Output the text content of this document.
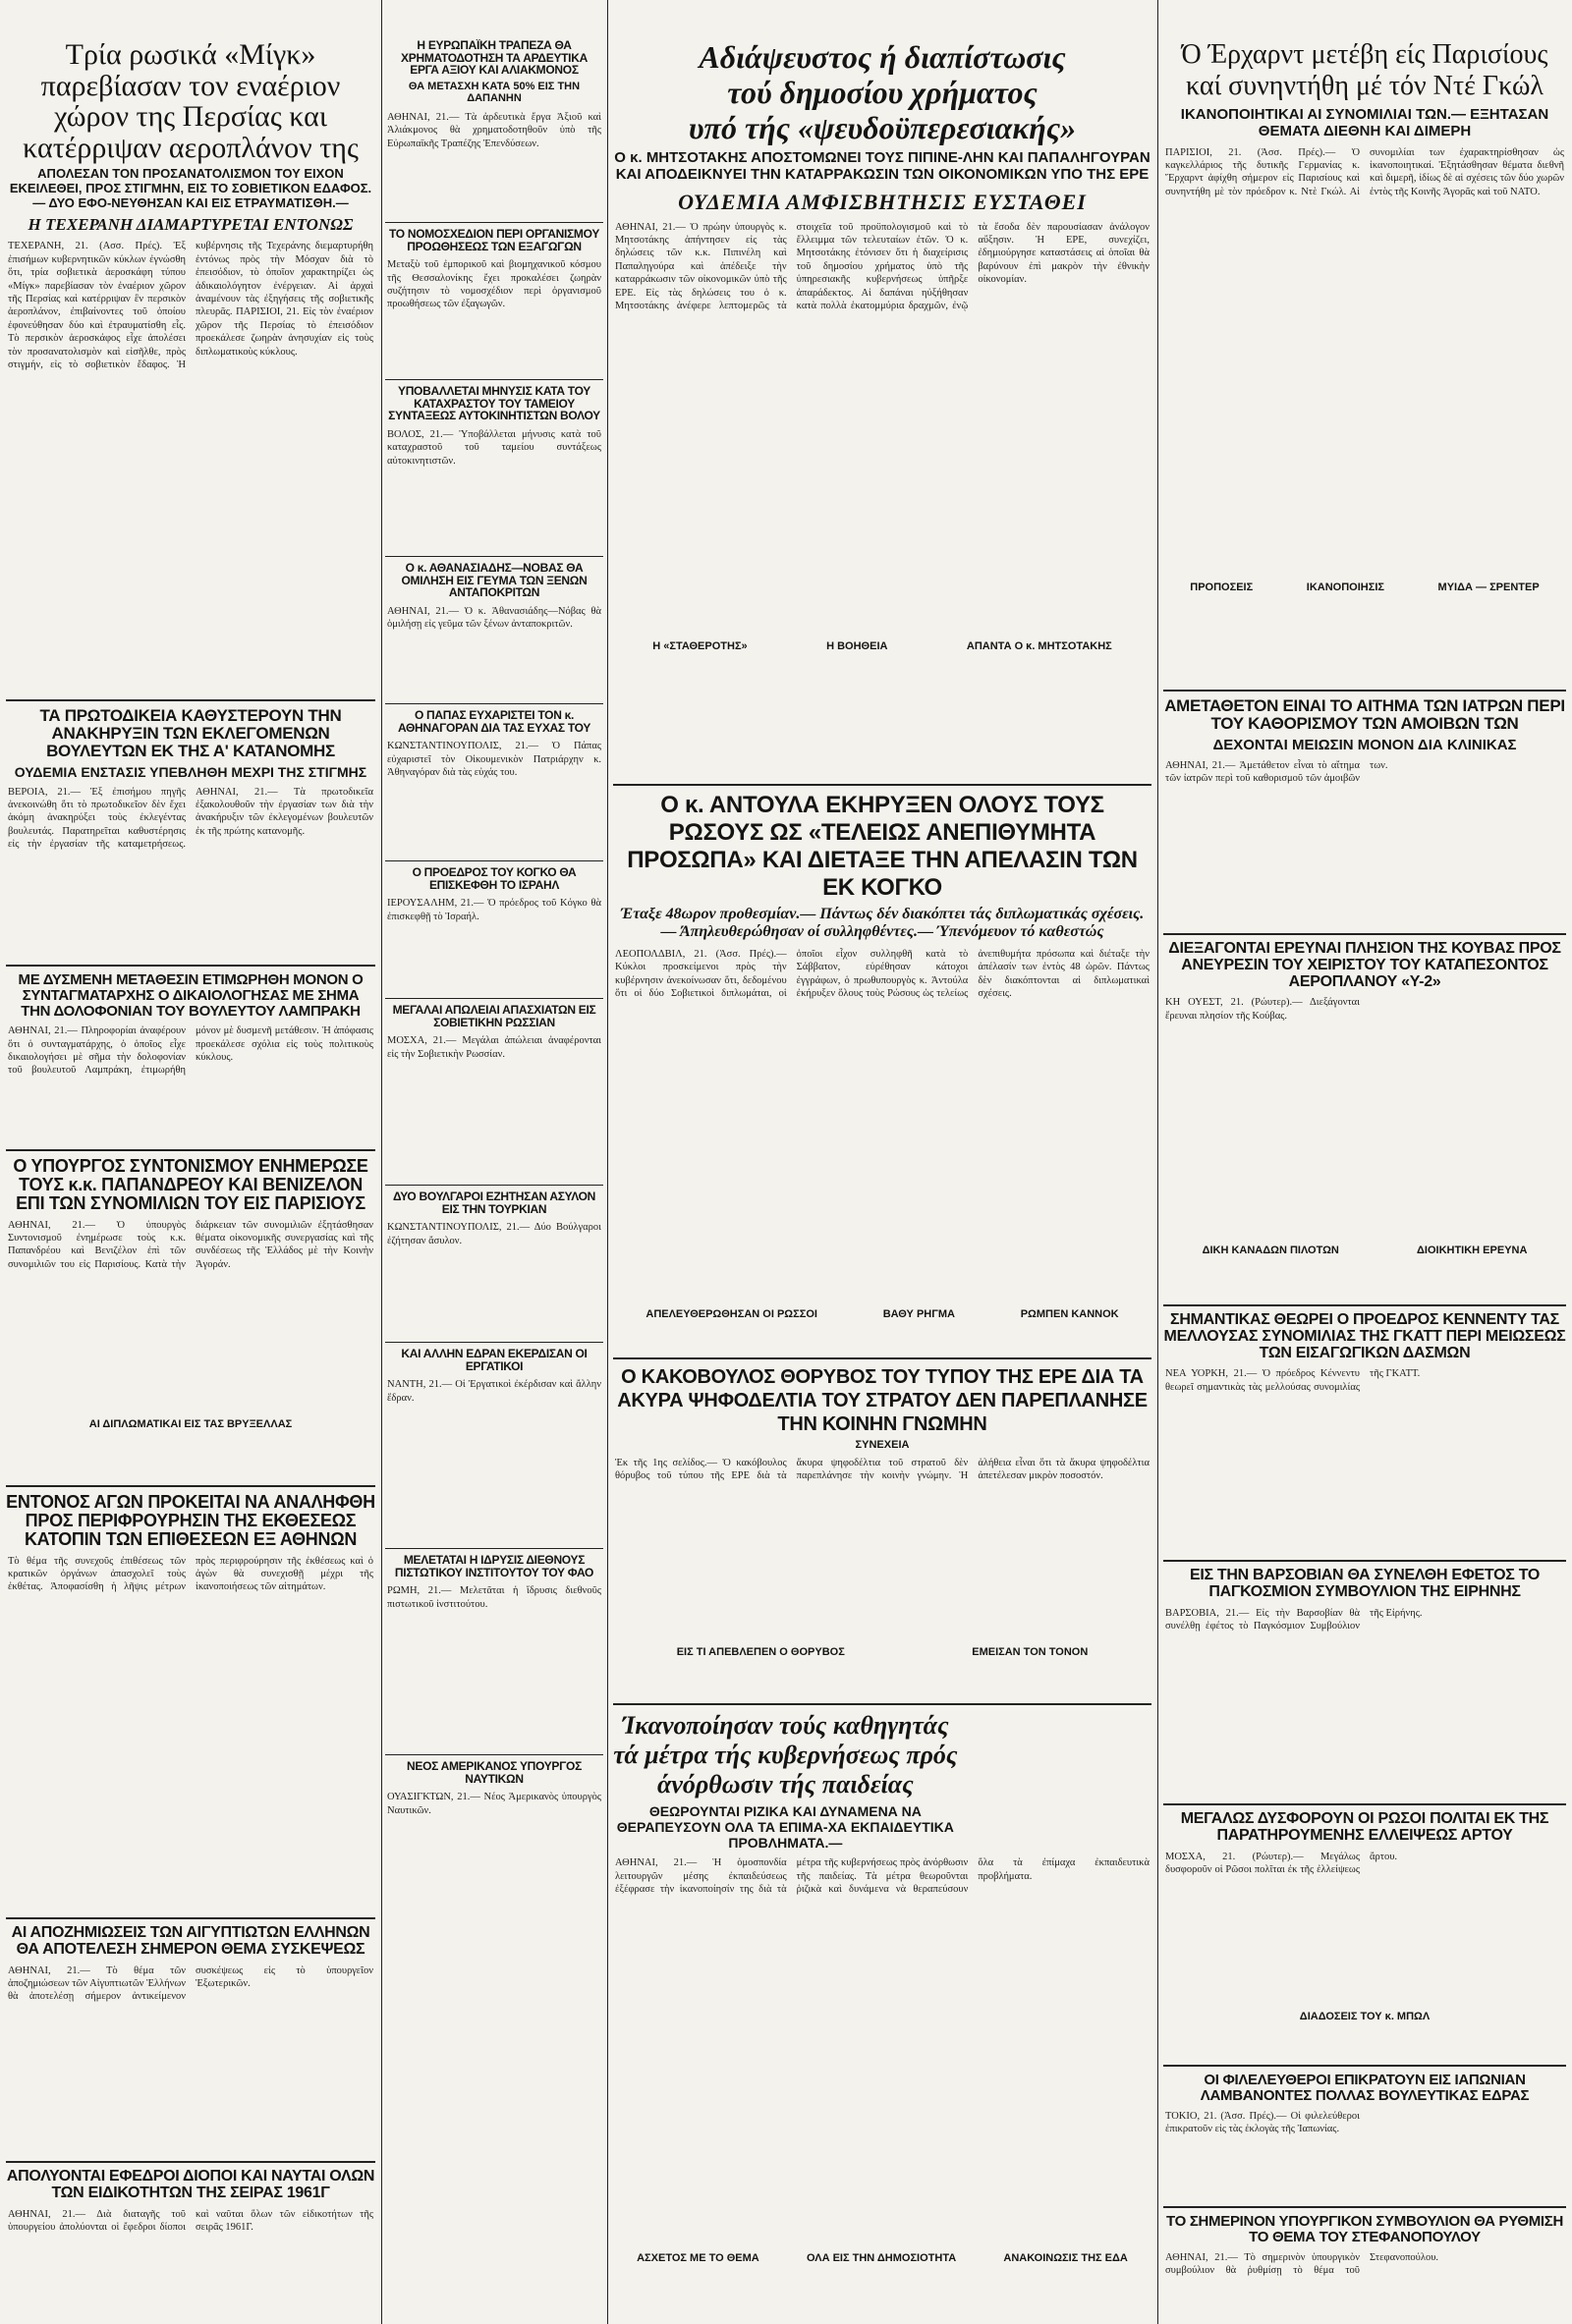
Τρία ρωσικά «Μίγκ» παρεβίασαν τον εναέριον χώρον της Περσίας και κατέρριψαν αεροπλάνον της

ΑΠΟΛΕΣΑΝ ΤΟΝ ΠΡΟΣΑΝΑΤΟΛΙΣΜΟΝ ΤΟΥ ΕΙΧΟΝ ΕΚΕΙΛΕΘΕΙ, ΠΡΟΣ ΣΤΙΓΜΗΝ, ΕΙΣ ΤΟ ΣΟΒΙΕΤΙΚΟΝ ΕΔΑΦΟΣ.— ΔΥΟ ΕΦΟ-ΝΕΥΘΗΣΑΝ ΚΑΙ ΕΙΣ ΕΤΡΑΥΜΑΤΙΣΘΗ.—

Η ΤΕΧΕΡΑΝΗ ΔΙΑΜΑΡΤΥΡΕΤΑΙ ΕΝΤΟΝΩΣ

ΤΕΧΕΡΑΝΗ, 21. (Ασσ. Πρές). Ἐξ ἐπισήμων κυβερνητικῶν κύκλων ἐγνώσθη ὅτι, τρία σοβιετικὰ ἀεροσκάφη τύπου «Μίγκ» παρεβίασαν τὸν ἐναέριον χῶρον τῆς Περσίας καὶ κατέρριψαν ἓν περσικὸν ἀεροπλάνον, ἐπιβαίνοντες τοῦ ὁποίου ἐφονεύθησαν δύο καὶ ἐτραυματίσθη εἷς. Τὸ περσικὸν ἀεροσκάφος εἶχε ἀπολέσει τὸν προσανατολισμὸν καὶ εἰσῆλθε, πρὸς στιγμήν, εἰς τὸ σοβιετικὸν ἔδαφος. Ἡ κυβέρνησις τῆς Τεχεράνης διεμαρτυρήθη ἐντόνως πρὸς τὴν Μόσχαν διὰ τὸ ἐπεισόδιον, τὸ ὁποῖον χαρακτηρίζει ὡς ἀδικαιολόγητον ἐνέργειαν. Αἱ ἀρχαὶ ἀναμένουν τὰς ἐξηγήσεις τῆς σοβιετικῆς πλευρᾶς. ΠΑΡΙΣΙΟΙ, 21. Εἰς τὸν ἐναέριον χῶρον τῆς Περσίας τὸ ἐπεισόδιον προεκάλεσε ζωηρὰν ἀνησυχίαν εἰς τοὺς διπλωματικοὺς κύκλους.
ΤΑ ΠΡΩΤΟΔΙΚΕΙΑ ΚΑΘΥΣΤΕΡΟΥΝ ΤΗΝ ΑΝΑΚΗΡΥΞΙΝ ΤΩΝ ΕΚΛΕΓΟΜΕΝΩΝ ΒΟΥΛΕΥΤΩΝ ΕΚ ΤΗΣ Α' ΚΑΤΑΝΟΜΗΣ

ΟΥΔΕΜΙΑ ΕΝΣΤΑΣΙΣ ΥΠΕΒΛΗΘΗ ΜΕΧΡΙ ΤΗΣ ΣΤΙΓΜΗΣ

ΒΕΡΟΙΑ, 21.— Ἐξ ἐπισήμου πηγῆς ἀνεκοινώθη ὅτι τὸ πρωτοδικεῖον δὲν ἔχει ἀκόμη ἀνακηρύξει τοὺς ἐκλεγέντας βουλευτάς. Παρατηρεῖται καθυστέρησις εἰς τὴν ἐργασίαν τῆς καταμετρήσεως. ΑΘΗΝΑΙ, 21.— Τὰ πρωτοδικεῖα ἐξακολουθοῦν τὴν ἐργασίαν των διὰ τὴν ἀνακήρυξιν τῶν ἐκλεγομένων βουλευτῶν ἐκ τῆς πρώτης κατανομῆς.
ΜΕ ΔΥΣΜΕΝΗ ΜΕΤΑΘΕΣΙΝ ΕΤΙΜΩΡΗΘΗ ΜΟΝΟΝ Ο ΣΥΝΤΑΓΜΑΤΑΡΧΗΣ Ο ΔΙΚΑΙΟΛΟΓΗΣΑΣ ΜΕ ΣΗΜΑ ΤΗΝ ΔΟΛΟΦΟΝΙΑΝ ΤΟΥ ΒΟΥΛΕΥΤΟΥ ΛΑΜΠΡΑΚΗ
ΑΘΗΝΑΙ, 21.— Πληροφορίαι ἀναφέρουν ὅτι ὁ συνταγματάρχης, ὁ ὁποῖος εἶχε δικαιολογήσει μὲ σῆμα τὴν δολοφονίαν τοῦ βουλευτοῦ Λαμπράκη, ἐτιμωρήθη μόνον μὲ δυσμενῆ μετάθεσιν. Ἡ ἀπόφασις προεκάλεσε σχόλια εἰς τοὺς πολιτικοὺς κύκλους.
Ο ΥΠΟΥΡΓΟΣ ΣΥΝΤΟΝΙΣΜΟΥ ΕΝΗΜΕΡΩΣΕ ΤΟΥΣ κ.κ. ΠΑΠΑΝΔΡΕΟΥ ΚΑΙ ΒΕΝΙΖΕΛΟΝ ΕΠΙ ΤΩΝ ΣΥΝΟΜΙΛΙΩΝ ΤΟΥ ΕΙΣ ΠΑΡΙΣΙΟΥΣ
ΑΘΗΝΑΙ, 21.— Ὁ ὑπουργὸς Συντονισμοῦ ἐνημέρωσε τοὺς κ.κ. Παπανδρέου καὶ Βενιζέλον ἐπὶ τῶν συνομιλιῶν του εἰς Παρισίους. Κατὰ τὴν διάρκειαν τῶν συνομιλιῶν ἐξητάσθησαν θέματα οἰκονομικῆς συνεργασίας καὶ τῆς συνδέσεως τῆς Ἑλλάδος μὲ τὴν Κοινὴν Ἀγοράν.

ΑΙ ΔΙΠΛΩΜΑΤΙΚΑΙ ΕΙΣ ΤΑΣ ΒΡΥΞΕΛΛΑΣ

ΕΝΤΟΝΟΣ ΑΓΩΝ ΠΡΟΚΕΙΤΑΙ ΝΑ ΑΝΑΛΗΦΘΗ ΠΡΟΣ ΠΕΡΙΦΡΟΥΡΗΣΙΝ ΤΗΣ ΕΚΘΕΣΕΩΣ ΚΑΤΟΠΙΝ ΤΩΝ ΕΠΙΘΕΣΕΩΝ ΕΞ ΑΘΗΝΩΝ
Τὸ θέμα τῆς συνεχοῦς ἐπιθέσεως τῶν κρατικῶν ὀργάνων ἀπασχολεῖ τοὺς ἐκθέτας. Ἀποφασίσθη ἡ λῆψις μέτρων πρὸς περιφρούρησιν τῆς ἐκθέσεως καὶ ὁ ἀγὼν θὰ συνεχισθῇ μέχρι τῆς ἱκανοποιήσεως τῶν αἰτημάτων.
ΑΙ ΑΠΟΖΗΜΙΩΣΕΙΣ ΤΩΝ ΑΙΓΥΠΤΙΩΤΩΝ ΕΛΛΗΝΩΝ ΘΑ ΑΠΟΤΕΛΕΣΗ ΣΗΜΕΡΟΝ ΘΕΜΑ ΣΥΣΚΕΨΕΩΣ
ΑΘΗΝΑΙ, 21.— Τὸ θέμα τῶν ἀποζημιώσεων τῶν Αἰγυπτιωτῶν Ἑλλήνων θὰ ἀποτελέσῃ σήμερον ἀντικείμενον συσκέψεως εἰς τὸ ὑπουργεῖον Ἐξωτερικῶν.
ΑΠΟΛΥΟΝΤΑΙ ΕΦΕΔΡΟΙ ΔΙΟΠΟΙ ΚΑΙ ΝΑΥΤΑΙ ΟΛΩΝ ΤΩΝ ΕΙΔΙΚΟΤΗΤΩΝ ΤΗΣ ΣΕΙΡΑΣ 1961Γ
ΑΘΗΝΑΙ, 21.— Διὰ διαταγῆς τοῦ ὑπουργείου ἀπολύονται οἱ ἔφεδροι δίοποι καὶ ναῦται ὅλων τῶν εἰδικοτήτων τῆς σειρᾶς 1961Γ.
Η ΕΥΡΩΠΑΪΚΗ ΤΡΑΠΕΖΑ ΘΑ ΧΡΗΜΑΤΟΔΟΤΗΣΗ ΤΑ ΑΡΔΕΥΤΙΚΑ ΕΡΓΑ ΑΞΙΟΥ ΚΑΙ ΑΛΙΑΚΜΟΝΟΣ

ΘΑ ΜΕΤΑΣΧΗ ΚΑΤΑ 50% ΕΙΣ ΤΗΝ ΔΑΠΑΝΗΝ

ΑΘΗΝΑΙ, 21.— Τὰ ἀρδευτικὰ ἔργα Ἀξιοῦ καὶ Ἀλιάκμονος θὰ χρηματοδοτηθοῦν ὑπὸ τῆς Εὐρωπαϊκῆς Τραπέζης Ἐπενδύσεων.
ΤΟ ΝΟΜΟΣΧΕΔΙΟΝ ΠΕΡΙ ΟΡΓΑΝΙΣΜΟΥ ΠΡΟΩΘΗΣΕΩΣ ΤΩΝ ΕΞΑΓΩΓΩΝ
Μεταξὺ τοῦ ἐμπορικοῦ καὶ βιομηχανικοῦ κόσμου τῆς Θεσσαλονίκης ἔχει προκαλέσει ζωηρὰν συζήτησιν τὸ νομοσχέδιον περὶ ὀργανισμοῦ προωθήσεως τῶν ἐξαγωγῶν.
ΥΠΟΒΑΛΛΕΤΑΙ ΜΗΝΥΣΙΣ ΚΑΤΑ ΤΟΥ ΚΑΤΑΧΡΑΣΤΟΥ ΤΟΥ ΤΑΜΕΙΟΥ ΣΥΝΤΑΞΕΩΣ ΑΥΤΟΚΙΝΗΤΙΣΤΩΝ ΒΟΛΟΥ
ΒΟΛΟΣ, 21.— Ὑποβάλλεται μήνυσις κατὰ τοῦ καταχραστοῦ τοῦ ταμείου συντάξεως αὐτοκινητιστῶν.
Ο κ. ΑΘΑΝΑΣΙΑΔΗΣ—ΝΟΒΑΣ ΘΑ ΟΜΙΛΗΣΗ ΕΙΣ ΓΕΥΜΑ ΤΩΝ ΞΕΝΩΝ ΑΝΤΑΠΟΚΡΙΤΩΝ
ΑΘΗΝΑΙ, 21.— Ὁ κ. Ἀθανασιάδης—Νόβας θὰ ὁμιλήσῃ εἰς γεῦμα τῶν ξένων ἀνταποκριτῶν.
Ο ΠΑΠΑΣ ΕΥΧΑΡΙΣΤΕΙ ΤΟΝ κ. ΑΘΗΝΑΓΟΡΑΝ ΔΙΑ ΤΑΣ ΕΥΧΑΣ ΤΟΥ
ΚΩΝΣΤΑΝΤΙΝΟΥΠΟΛΙΣ, 21.— Ὁ Πάπας εὐχαριστεῖ τὸν Οἰκουμενικὸν Πατριάρχην κ. Ἀθηναγόραν διὰ τὰς εὐχάς του.
Ο ΠΡΟΕΔΡΟΣ ΤΟΥ ΚΟΓΚΟ ΘΑ ΕΠΙΣΚΕΦΘΗ ΤΟ ΙΣΡΑΗΛ
ΙΕΡΟΥΣΑΛΗΜ, 21.— Ὁ πρόεδρος τοῦ Κόγκο θὰ ἐπισκεφθῇ τὸ Ἰσραήλ.
ΜΕΓΑΛΑΙ ΑΠΩΛΕΙΑΙ ΑΠΑΣΧΙΑΤΩΝ ΕΙΣ ΣΟΒΙΕΤΙΚΗΝ ΡΩΣΣΙΑΝ
ΜΟΣΧΑ, 21.— Μεγάλαι ἀπώλειαι ἀναφέρονται εἰς τὴν Σοβιετικὴν Ρωσσίαν.
ΔΥΟ ΒΟΥΛΓΑΡΟΙ ΕΖΗΤΗΣΑΝ ΑΣΥΛΟΝ ΕΙΣ ΤΗΝ ΤΟΥΡΚΙΑΝ
ΚΩΝΣΤΑΝΤΙΝΟΥΠΟΛΙΣ, 21.— Δύο Βούλγαροι ἐζήτησαν ἄσυλον.
ΚΑΙ ΑΛΛΗΝ ΕΔΡΑΝ ΕΚΕΡΔΙΣΑΝ ΟΙ ΕΡΓΑΤΙΚΟΙ
ΝΑΝΤΗ, 21.— Οἱ Ἐργατικοὶ ἐκέρδισαν καὶ ἄλλην ἕδραν.
ΜΕΛΕΤΑΤΑΙ Η ΙΔΡΥΣΙΣ ΔΙΕΘΝΟΥΣ ΠΙΣΤΩΤΙΚΟΥ ΙΝΣΤΙΤΟΥΤΟΥ ΤΟΥ ΦΑΟ
ΡΩΜΗ, 21.— Μελετᾶται ἡ ἵδρυσις διεθνοῦς πιστωτικοῦ ἰνστιτούτου.
ΝΕΟΣ ΑΜΕΡΙΚΑΝΟΣ ΥΠΟΥΡΓΟΣ ΝΑΥΤΙΚΩΝ
ΟΥΑΣΙΓΚΤΩΝ, 21.— Νέος Ἀμερικανὸς ὑπουργὸς Ναυτικῶν.
Αδιάψευστος ή διαπίστωσις
τού δημοσίου χρήματος
υπό τής «ψευδοϋπερεσιακής»

Ο κ. ΜΗΤΣΟΤΑΚΗΣ ΑΠΟΣΤΟΜΩΝΕΙ ΤΟΥΣ ΠΙΠΙΝΕ-ΛΗΝ ΚΑΙ ΠΑΠΑΛΗΓΟΥΡΑΝ ΚΑΙ ΑΠΟΔΕΙΚΝΥΕΙ ΤΗΝ ΚΑΤΑΡΡΑΚΩΣΙΝ ΤΩΝ ΟΙΚΟΝΟΜΙΚΩΝ ΥΠΟ ΤΗΣ ΕΡΕ

ΟΥΔΕΜΙΑ ΑΜΦΙΣΒΗΤΗΣΙΣ ΕΥΣΤΑΘΕΙ
ΑΘΗΝΑΙ, 21.— Ὁ πρώην ὑπουργὸς κ. Μητσοτάκης ἀπήντησεν εἰς τὰς δηλώσεις τῶν κ.κ. Πιπινέλη καὶ Παπαληγούρα καὶ ἀπέδειξε τὴν καταρράκωσιν τῶν οἰκονομικῶν ὑπὸ τῆς ΕΡΕ. Εἰς τὰς δηλώσεις του ὁ κ. Μητσοτάκης ἀνέφερε λεπτομερῶς τὰ στοιχεῖα τοῦ προϋπολογισμοῦ καὶ τὸ ἔλλειμμα τῶν τελευταίων ἐτῶν. Ὁ κ. Μητσοτάκης ἐτόνισεν ὅτι ἡ διαχείρισις τοῦ δημοσίου χρήματος ὑπὸ τῆς ὑπηρεσιακῆς κυβερνήσεως ὑπῆρξε ἀπαράδεκτος. Αἱ δαπάναι ηὐξήθησαν κατὰ πολλὰ ἑκατομμύρια δραχμῶν, ἐνῷ τὰ ἔσοδα δὲν παρουσίασαν ἀνάλογον αὔξησιν. Ἡ ΕΡΕ, συνεχίζει, ἐδημιούργησε καταστάσεις αἱ ὁποῖαι θὰ βαρύνουν ἐπὶ μακρὸν τὴν ἐθνικὴν οἰκονομίαν.
Η «ΣΤΑΘΕΡΟΤΗΣ»	Η ΒΟΗΘΕΙΑ	ΑΠΑΝΤΑ Ο κ. ΜΗΤΣΟΤΑΚΗΣ
Ο κ. ΑΝΤΟΥΛΑ ΕΚΗΡΥΞΕΝ ΟΛΟΥΣ ΤΟΥΣ ΡΩΣΟΥΣ ΩΣ «ΤΕΛΕΙΩΣ ΑΝΕΠΙΘΥΜΗΤΑ ΠΡΟΣΩΠΑ» ΚΑΙ ΔΙΕΤΑΞΕ ΤΗΝ ΑΠΕΛΑΣΙΝ ΤΩΝ ΕΚ ΚΟΓΚΟ

Έταξε 48ωρον προθεσμίαν.— Πάντως δέν διακόπτει τάς διπλωματικάς σχέσεις.— Άπηλευθερώθησαν οί συλληφθέντες.— Ύπενόμευον τό καθεστώς

ΛΕΟΠΟΛΔΒΙΛ, 21. (Ἀσσ. Πρές).— Κύκλοι προσκείμενοι πρὸς τὴν κυβέρνησιν ἀνεκοίνωσαν ὅτι, δεδομένου ὅτι οἱ δύο Σοβιετικοὶ διπλωμάται, οἱ ὁποῖοι εἶχον συλληφθῆ κατὰ τὸ Σάββατον, εὑρέθησαν κάτοχοι ἐγγράφων, ὁ πρωθυπουργὸς κ. Ἀντούλα ἐκήρυξεν ὅλους τοὺς Ρώσους ὡς τελείως ἀνεπιθυμήτα πρόσωπα καὶ διέταξε τὴν ἀπέλασίν των ἐντὸς 48 ὡρῶν. Πάντως δὲν διακόπτονται αἱ διπλωματικαὶ σχέσεις.
ΑΠΕΛΕΥΘΕΡΩΘΗΣΑΝ ΟΙ ΡΩΣΣΟΙ	ΒΑΘΥ ΡΗΓΜΑ	ΡΩΜΠΕΝ ΚΑΝΝΟΚ
Ο ΚΑΚΟΒΟΥΛΟΣ ΘΟΡΥΒΟΣ ΤΟΥ ΤΥΠΟΥ ΤΗΣ ΕΡΕ ΔΙΑ ΤΑ ΑΚΥΡΑ ΨΗΦΟΔΕΛΤΙΑ ΤΟΥ ΣΤΡΑΤΟΥ ΔΕΝ ΠΑΡΕΠΛΑΝΗΣΕ ΤΗΝ ΚΟΙΝΗΝ ΓΝΩΜΗΝ

ΣΥΝΕΧΕΙΑ

Ἐκ τῆς 1ης σελίδος.— Ὁ κακόβουλος θόρυβος τοῦ τύπου τῆς ΕΡΕ διὰ τὰ ἄκυρα ψηφοδέλτια τοῦ στρατοῦ δὲν παρεπλάνησε τὴν κοινὴν γνώμην. Ἡ ἀλήθεια εἶναι ὅτι τὰ ἄκυρα ψηφοδέλτια ἀπετέλεσαν μικρὸν ποσοστόν.
ΕΙΣ ΤΙ ΑΠΕΒΛΕΠΕΝ Ο ΘΟΡΥΒΟΣ	ΕΜΕΙΣΑΝ ΤΟΝ ΤΟΝΟΝ
Ίκανοποίησαν τούς καθηγητάς τά μέτρα τής κυβερνήσεως πρός άνόρθωσιν τής παιδείας

ΘΕΩΡΟΥΝΤΑΙ ΡΙΖΙΚΑ ΚΑΙ ΔΥΝΑΜΕΝΑ ΝΑ ΘΕΡΑΠΕΥΣΟΥΝ ΟΛΑ ΤΑ ΕΠΙΜΑ-ΧΑ ΕΚΠΑΙΔΕΥΤΙΚΑ ΠΡΟΒΛΗΜΑΤΑ.—

ΑΘΗΝΑΙ, 21.— Ἡ ὁμοσπονδία λειτουργῶν μέσης ἐκπαιδεύσεως ἐξέφρασε τὴν ἱκανοποίησίν της διὰ τὰ μέτρα τῆς κυβερνήσεως πρὸς ἀνόρθωσιν τῆς παιδείας. Τὰ μέτρα θεωροῦνται ῥιζικὰ καὶ δυνάμενα νὰ θεραπεύσουν ὅλα τὰ ἐπίμαχα ἐκπαιδευτικὰ προβλήματα.
ΑΣΧΕΤΟΣ ΜΕ ΤΟ ΘΕΜΑ	ΟΛΑ ΕΙΣ ΤΗΝ ΔΗΜΟΣΙΟΤΗΤΑ	ΑΝΑΚΟΙΝΩΣΙΣ ΤΗΣ ΕΔΑ
Ό Έρχαρντ μετέβη είς Παρισίους καί συνηντήθη μέ τόν Ντέ Γκώλ

ΙΚΑΝΟΠΟΙΗΤΙΚΑΙ ΑΙ ΣΥΝΟΜΙΛΙΑΙ ΤΩΝ.— ΕΞΗΤΑΣΑΝ ΘΕΜΑΤΑ ΔΙΕΘΝΗ ΚΑΙ ΔΙΜΕΡΗ

ΠΑΡΙΣΙΟΙ, 21. (Ἀσσ. Πρές).— Ὁ καγκελλάριος τῆς δυτικῆς Γερμανίας κ. Ἔρχαρντ ἀφίχθη σήμερον εἰς Παρισίους καὶ συνηντήθη μὲ τὸν πρόεδρον κ. Ντὲ Γκώλ. Αἱ συνομιλίαι των ἐχαρακτηρίσθησαν ὡς ἱκανοποιητικαί. Ἐξητάσθησαν θέματα διεθνῆ καὶ διμερῆ, ἰδίως δὲ αἱ σχέσεις τῶν δύο χωρῶν ἐντὸς τῆς Κοινῆς Ἀγορᾶς καὶ τοῦ ΝΑΤΟ.
ΠΡΟΠΟΣΕΙΣ	ΙΚΑΝΟΠΟΙΗΣΙΣ	ΜΥΙΔΑ — ΣΡΕΝΤΕΡ
ΑΜΕΤΑΘΕΤΟΝ ΕΙΝΑΙ ΤΟ ΑΙΤΗΜΑ ΤΩΝ ΙΑΤΡΩΝ ΠΕΡΙ ΤΟΥ ΚΑΘΟΡΙΣΜΟΥ ΤΩΝ ΑΜΟΙΒΩΝ ΤΩΝ

ΔΕΧΟΝΤΑΙ ΜΕΙΩΣΙΝ ΜΟΝΟΝ ΔΙΑ ΚΛΙΝΙΚΑΣ

ΑΘΗΝΑΙ, 21.— Ἀμετάθετον εἶναι τὸ αἴτημα τῶν ἰατρῶν περὶ τοῦ καθορισμοῦ τῶν ἀμοιβῶν των.
ΔΙΕΞΑΓΟΝΤΑΙ ΕΡΕΥΝΑΙ ΠΛΗΣΙΟΝ ΤΗΣ ΚΟΥΒΑΣ ΠΡΟΣ ΑΝΕΥΡΕΣΙΝ ΤΟΥ ΧΕΙΡΙΣΤΟΥ ΤΟΥ ΚΑΤΑΠΕΣΟΝΤΟΣ ΑΕΡΟΠΛΑΝΟΥ «Υ-2»
ΚΗ ΟΥΕΣΤ, 21. (Ρώυτερ).— Διεξάγονται ἔρευναι πλησίον τῆς Κούβας.
ΔΙΚΗ ΚΑΝΑΔΩΝ ΠΙΛΟΤΩΝ	ΔΙΟΙΚΗΤΙΚΗ ΕΡΕΥΝΑ
ΣΗΜΑΝΤΙΚΑΣ ΘΕΩΡΕΙ Ο ΠΡΟΕΔΡΟΣ ΚΕΝΝΕΝΤΥ ΤΑΣ ΜΕΛΛΟΥΣΑΣ ΣΥΝΟΜΙΛΙΑΣ ΤΗΣ ΓΚΑΤΤ ΠΕΡΙ ΜΕΙΩΣΕΩΣ ΤΩΝ ΕΙΣΑΓΩΓΙΚΩΝ ΔΑΣΜΩΝ
ΝΕΑ ΥΟΡΚΗ, 21.— Ὁ πρόεδρος Κέννεντυ θεωρεῖ σημαντικὰς τὰς μελλούσας συνομιλίας τῆς ΓΚΑΤΤ.
ΕΙΣ ΤΗΝ ΒΑΡΣΟΒΙΑΝ ΘΑ ΣΥΝΕΛΘΗ ΕΦΕΤΟΣ ΤΟ ΠΑΓΚΟΣΜΙΟΝ ΣΥΜΒΟΥΛΙΟΝ ΤΗΣ ΕΙΡΗΝΗΣ
ΒΑΡΣΟΒΙΑ, 21.— Εἰς τὴν Βαρσοβίαν θὰ συνέλθῃ ἐφέτος τὸ Παγκόσμιον Συμβούλιον τῆς Εἰρήνης.
ΜΕΓΑΛΩΣ ΔΥΣΦΟΡΟΥΝ ΟΙ ΡΩΣΟΙ ΠΟΛΙΤΑΙ ΕΚ ΤΗΣ ΠΑΡΑΤΗΡΟΥΜΕΝΗΣ ΕΛΛΕΙΨΕΩΣ ΑΡΤΟΥ
ΜΟΣΧΑ, 21. (Ρώυτερ).— Μεγάλως δυσφοροῦν οἱ Ρῶσοι πολῖται ἐκ τῆς ἐλλείψεως ἄρτου.

ΔΙΑΔΟΣΕΙΣ ΤΟΥ κ. ΜΠΩΛ

ΟΙ ΦΙΛΕΛΕΥΘΕΡΟΙ ΕΠΙΚΡΑΤΟΥΝ ΕΙΣ ΙΑΠΩΝΙΑΝ ΛΑΜΒΑΝΟΝΤΕΣ ΠΟΛΛΑΣ ΒΟΥΛΕΥΤΙΚΑΣ ΕΔΡΑΣ
ΤΟΚΙΟ, 21. (Ἀσσ. Πρές).— Οἱ φιλελεύθεροι ἐπικρατοῦν εἰς τὰς ἐκλογὰς τῆς Ἰαπωνίας.
ΤΟ ΣΗΜΕΡΙΝΟΝ ΥΠΟΥΡΓΙΚΟΝ ΣΥΜΒΟΥΛΙΟΝ ΘΑ ΡΥΘΜΙΣΗ ΤΟ ΘΕΜΑ ΤΟΥ ΣΤΕΦΑΝΟΠΟΥΛΟΥ
ΑΘΗΝΑΙ, 21.— Τὸ σημερινὸν ὑπουργικὸν συμβούλιον θὰ ῥυθμίσῃ τὸ θέμα τοῦ Στεφανοπούλου.
